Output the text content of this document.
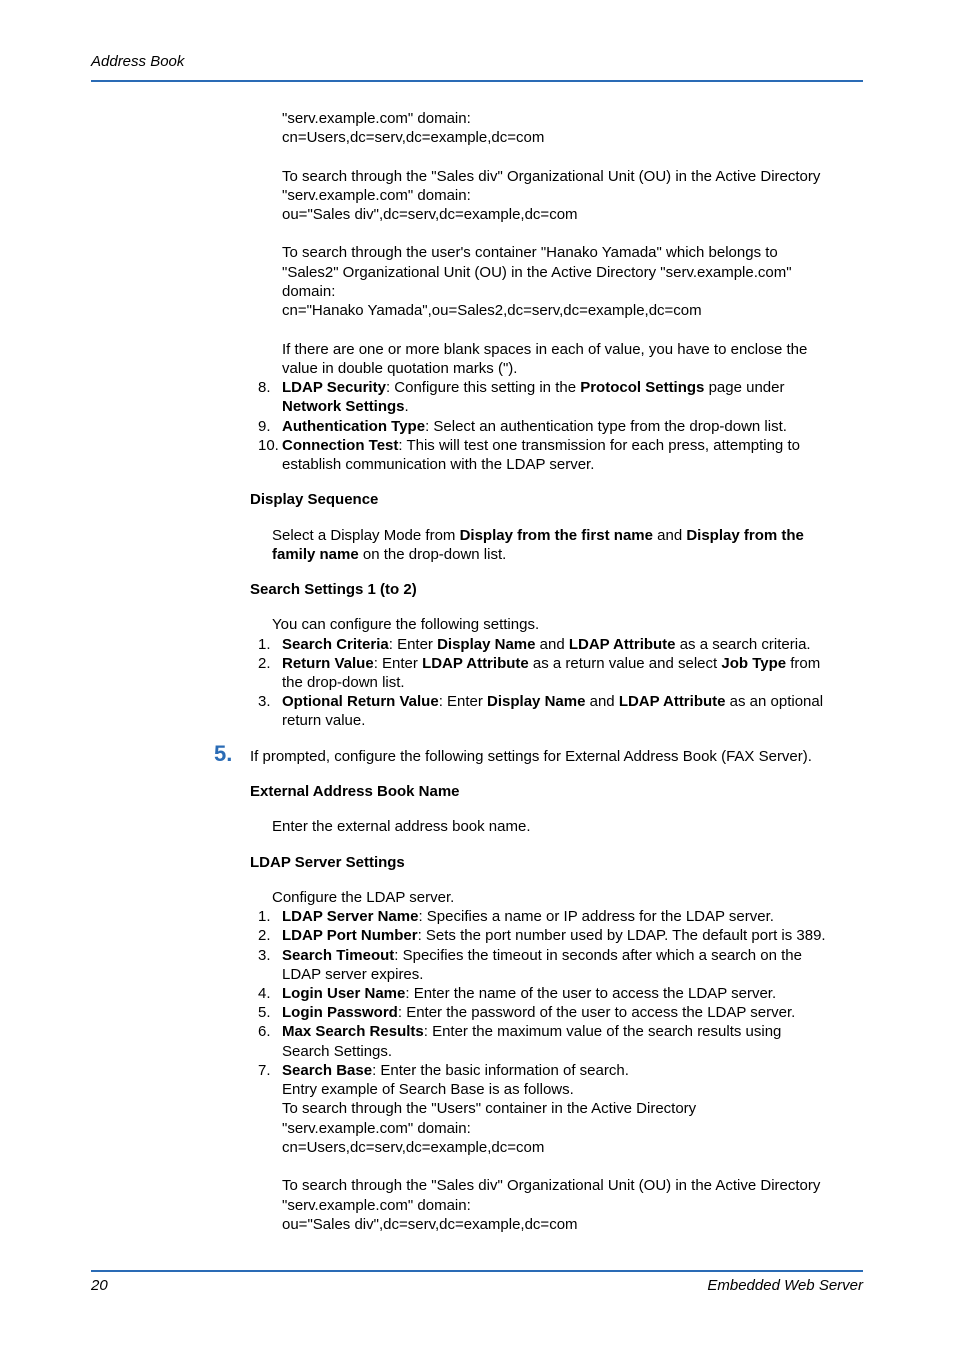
Address Book
"serv.example.com" domain:
cn=Users,dc=serv,dc=example,dc=com
To search through the "Sales div" Organizational Unit (OU) in the Active Directory
"serv.example.com" domain:
ou="Sales div",dc=serv,dc=example,dc=com
To search through the user's container "Hanako Yamada" which belongs to
"Sales2" Organizational Unit (OU) in the Active Directory "serv.example.com"
domain:
cn="Hanako Yamada",ou=Sales2,dc=serv,dc=example,dc=com
If there are one or more blank spaces in each of value, you have to enclose the
value in double quotation marks (").
8. LDAP Security: Configure this setting in the Protocol Settings page under
Network Settings.
9. Authentication Type: Select an authentication type from the drop-down list.
10. Connection Test: This will test one transmission for each press, attempting to
establish communication with the LDAP server.
Display Sequence
Select a Display Mode from Display from the first name and Display from the
family name on the drop-down list.
Search Settings 1 (to 2)
You can configure the following settings.
1. Search Criteria: Enter Display Name and LDAP Attribute as a search criteria.
2. Return Value: Enter LDAP Attribute as a return value and select Job Type from
the drop-down list.
3. Optional Return Value: Enter Display Name and LDAP Attribute as an optional
return value.
5. If prompted, configure the following settings for External Address Book (FAX Server).
External Address Book Name
Enter the external address book name.
LDAP Server Settings
Configure the LDAP server.
1. LDAP Server Name: Specifies a name or IP address for the LDAP server.
2. LDAP Port Number: Sets the port number used by LDAP. The default port is 389.
3. Search Timeout: Specifies the timeout in seconds after which a search on the
LDAP server expires.
4. Login User Name: Enter the name of the user to access the LDAP server.
5. Login Password: Enter the password of the user to access the LDAP server.
6. Max Search Results: Enter the maximum value of the search results using
Search Settings.
7. Search Base: Enter the basic information of search.
Entry example of Search Base is as follows.
To search through the "Users" container in the Active Directory
"serv.example.com" domain:
cn=Users,dc=serv,dc=example,dc=com
To search through the "Sales div" Organizational Unit (OU) in the Active Directory
"serv.example.com" domain:
ou="Sales div",dc=serv,dc=example,dc=com
20	Embedded Web Server
